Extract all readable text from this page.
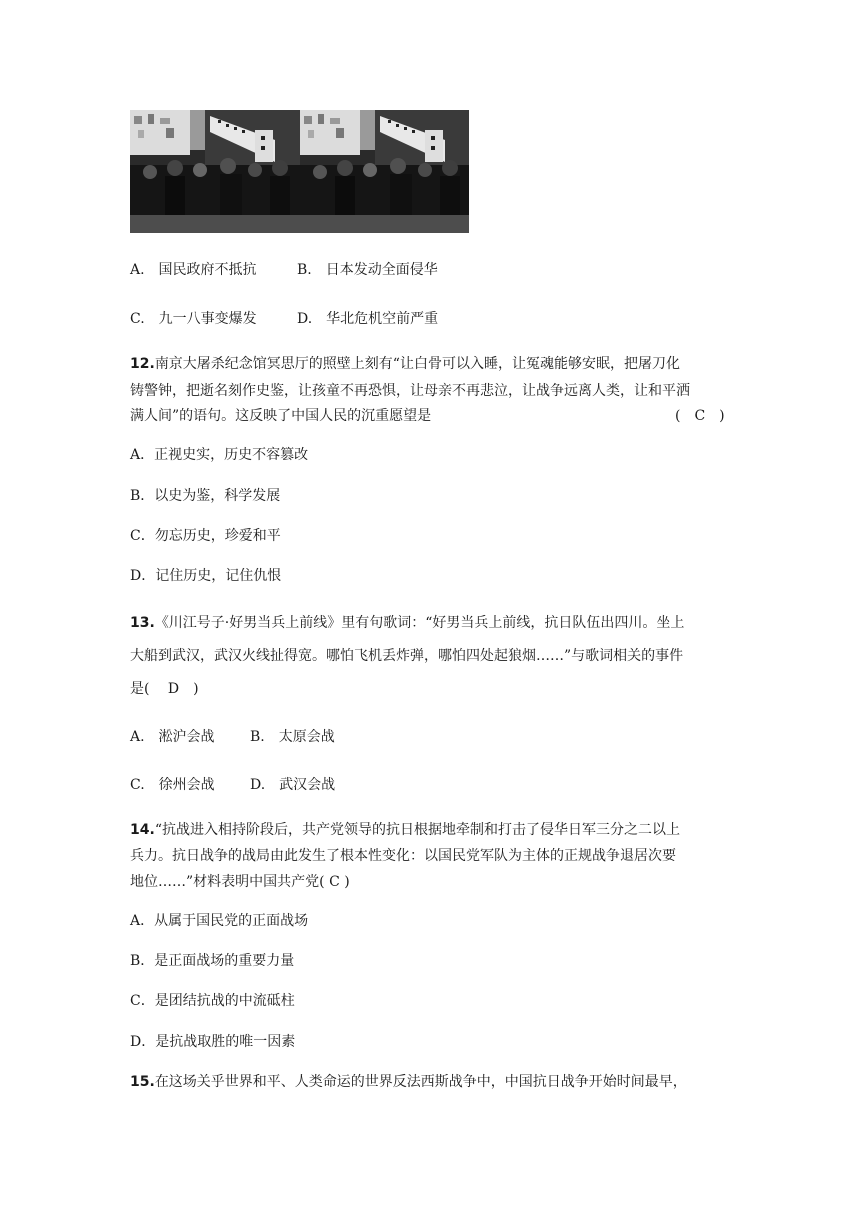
A.　国民政府不抵抗	B.　日本发动全面侵华
C.　九一八事变爆发	D.　华北危机空前严重
12.南京大屠杀纪念馆冥思厅的照壁上刻有“让白骨可以入睡，让冤魂能够安眠，把屠刀化
铸警钟，把逝名刻作史鉴，让孩童不再恐惧，让母亲不再悲泣，让战争远离人类，让和平洒
满人间”的语句。这反映了中国人民的沉重愿望是	(　C　)
A．正视史实，历史不容篡改
B．以史为鉴，科学发展
C．勿忘历史，珍爱和平
D．记住历史，记住仇恨
13.《川江号子·好男当兵上前线》里有句歌词：“好男当兵上前线，抗日队伍出四川。坐上
大船到武汉，武汉火线扯得宽。哪怕飞机丢炸弹，哪怕四处起狼烟……”与歌词相关的事件
是(　 D　)
A.　淞沪会战	B.　太原会战
C.　徐州会战	D.　武汉会战
14.“抗战进入相持阶段后，共产党领导的抗日根据地牵制和打击了侵华日军三分之二以上
兵力。抗日战争的战局由此发生了根本性变化：以国民党军队为主体的正规战争退居次要
地位……”材料表明中国共产党( C )
A．从属于国民党的正面战场
B．是正面战场的重要力量
C．是团结抗战的中流砥柱
D．是抗战取胜的唯一因素
15.在这场关乎世界和平、人类命运的世界反法西斯战争中，中国抗日战争开始时间最早，
